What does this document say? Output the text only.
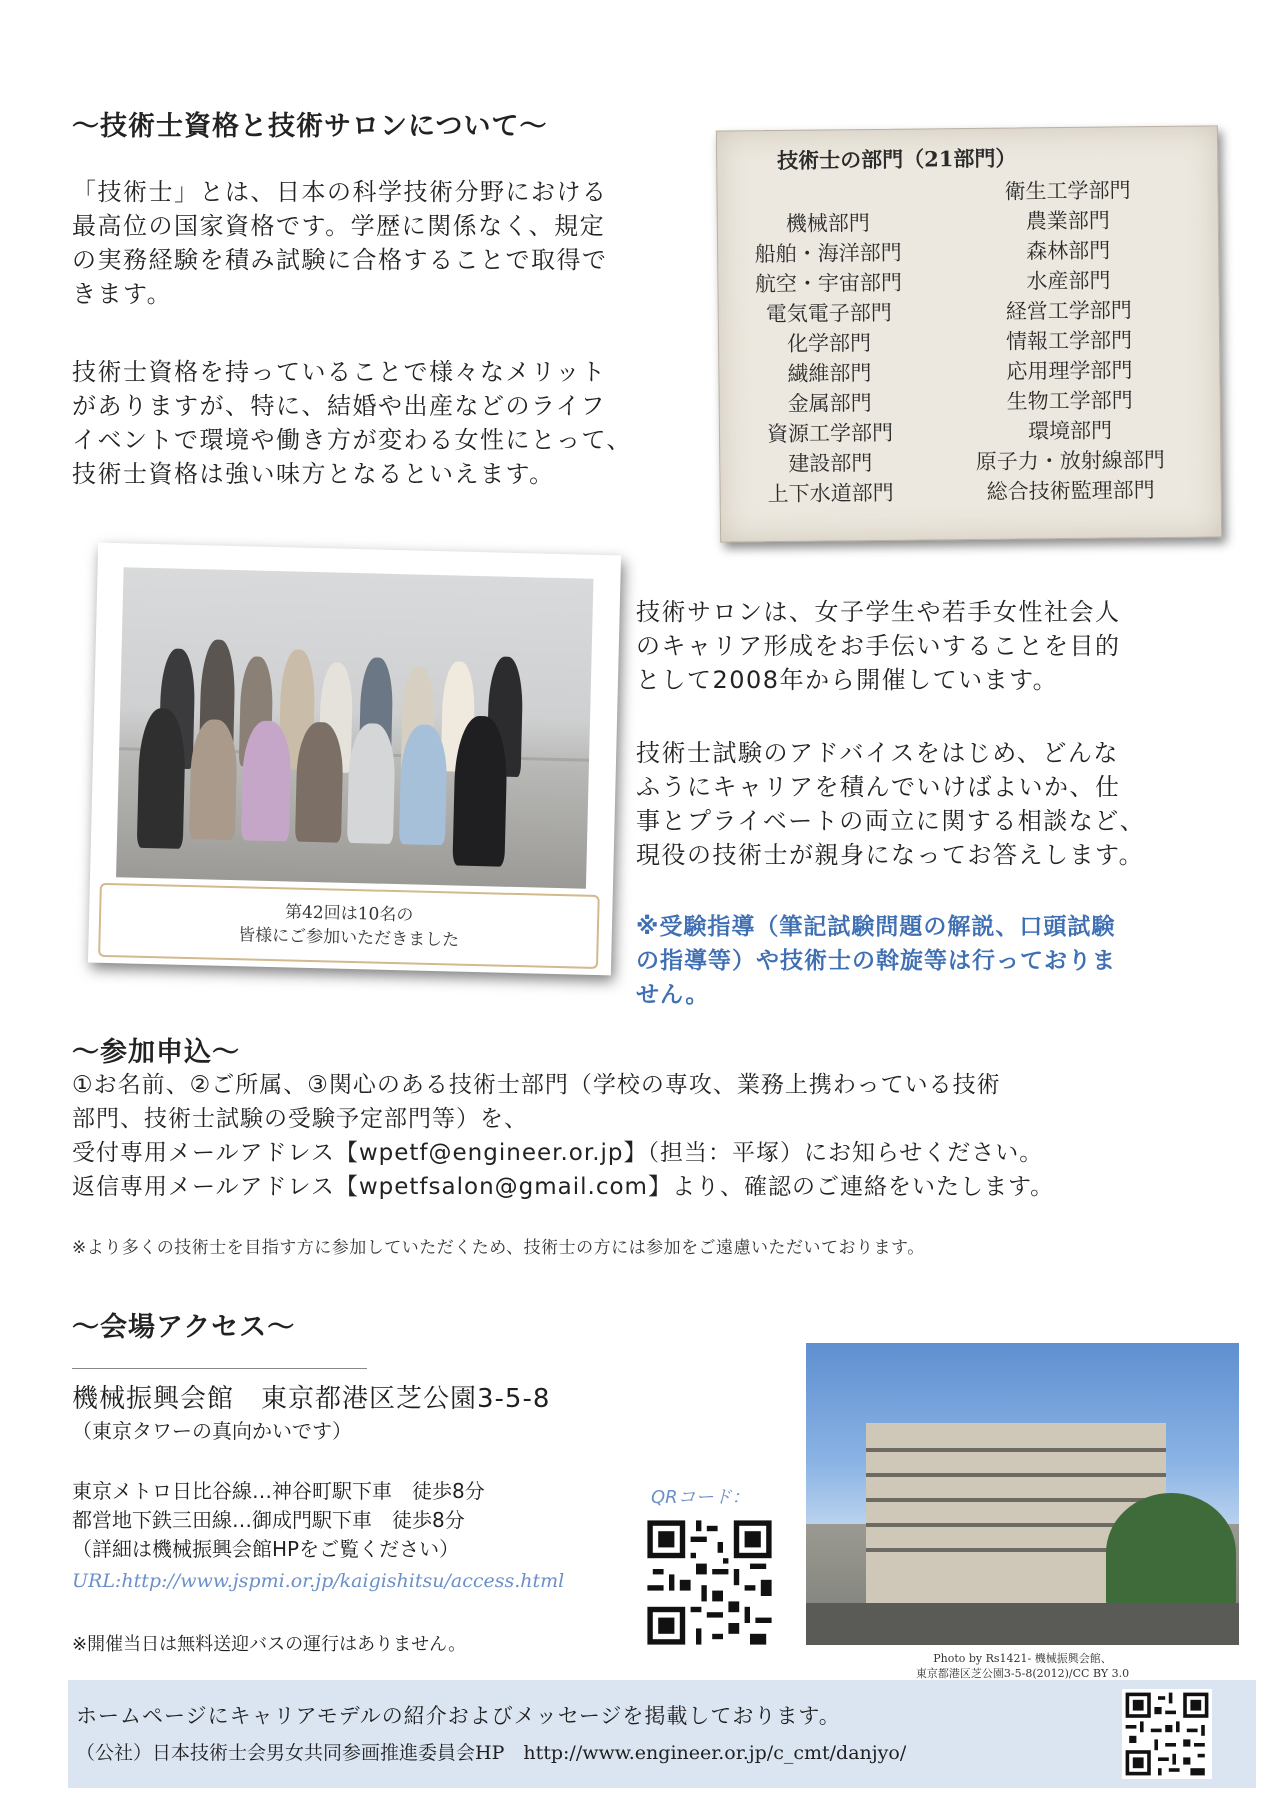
〜技術士資格と技術サロンについて〜
「技術士」とは、日本の科学技術分野における
最高位の国家資格です。学歴に関係なく、規定
の実務経験を積み試験に合格することで取得で
きます。
技術士資格を持っていることで様々なメリット
がありますが、特に、結婚や出産などのライフ
イベントで環境や働き方が変わる女性にとって、
技術士資格は強い味方となるといえます。
技術士の部門（21部門）
機械部門
船舶・海洋部門
航空・宇宙部門
電気電子部門
化学部門
繊維部門
金属部門
資源工学部門
建設部門
上下水道部門
衛生工学部門
農業部門
森林部門
水産部門
経営工学部門
情報工学部門
応用理学部門
生物工学部門
環境部門
原子力・放射線部門
総合技術監理部門
第42回は10名の
皆様にご参加いただきました
技術サロンは、女子学生や若手女性社会人
のキャリア形成をお手伝いすることを目的
として2008年から開催しています。
技術士試験のアドバイスをはじめ、どんな
ふうにキャリアを積んでいけばよいか、仕
事とプライベートの両立に関する相談など、
現役の技術士が親身になってお答えします。
※受験指導（筆記試験問題の解説、口頭試験
の指導等）や技術士の斡旋等は行っておりま
せん。
〜参加申込〜
①お名前、②ご所属、③関心のある技術士部門（学校の専攻、業務上携わっている技術
部門、技術士試験の受験予定部門等）を、
受付専用メールアドレス【wpetf@engineer.or.jp】（担当：平塚）にお知らせください。
返信専用メールアドレス【wpetfsalon@gmail.com】より、確認のご連絡をいたします。
※より多くの技術士を目指す方に参加していただくため、技術士の方には参加をご遠慮いただいております。
〜会場アクセス〜
機械振興会館　東京都港区芝公園3-5-8
（東京タワーの真向かいです）
東京メトロ日比谷線…神谷町駅下車　徒歩8分
都営地下鉄三田線…御成門駅下車　徒歩8分
（詳細は機械振興会館HPをご覧ください）
URL:http://www.jspmi.or.jp/kaigishitsu/access.html
※開催当日は無料送迎バスの運行はありません。
QRコード：
Photo by Rs1421- 機械振興会館、
東京都港区芝公園3-5-8(2012)/CC BY 3.0
ホームページにキャリアモデルの紹介およびメッセージを掲載しております。
（公社）日本技術士会男女共同参画推進委員会HP　http://www.engineer.or.jp/c_cmt/danjyo/
